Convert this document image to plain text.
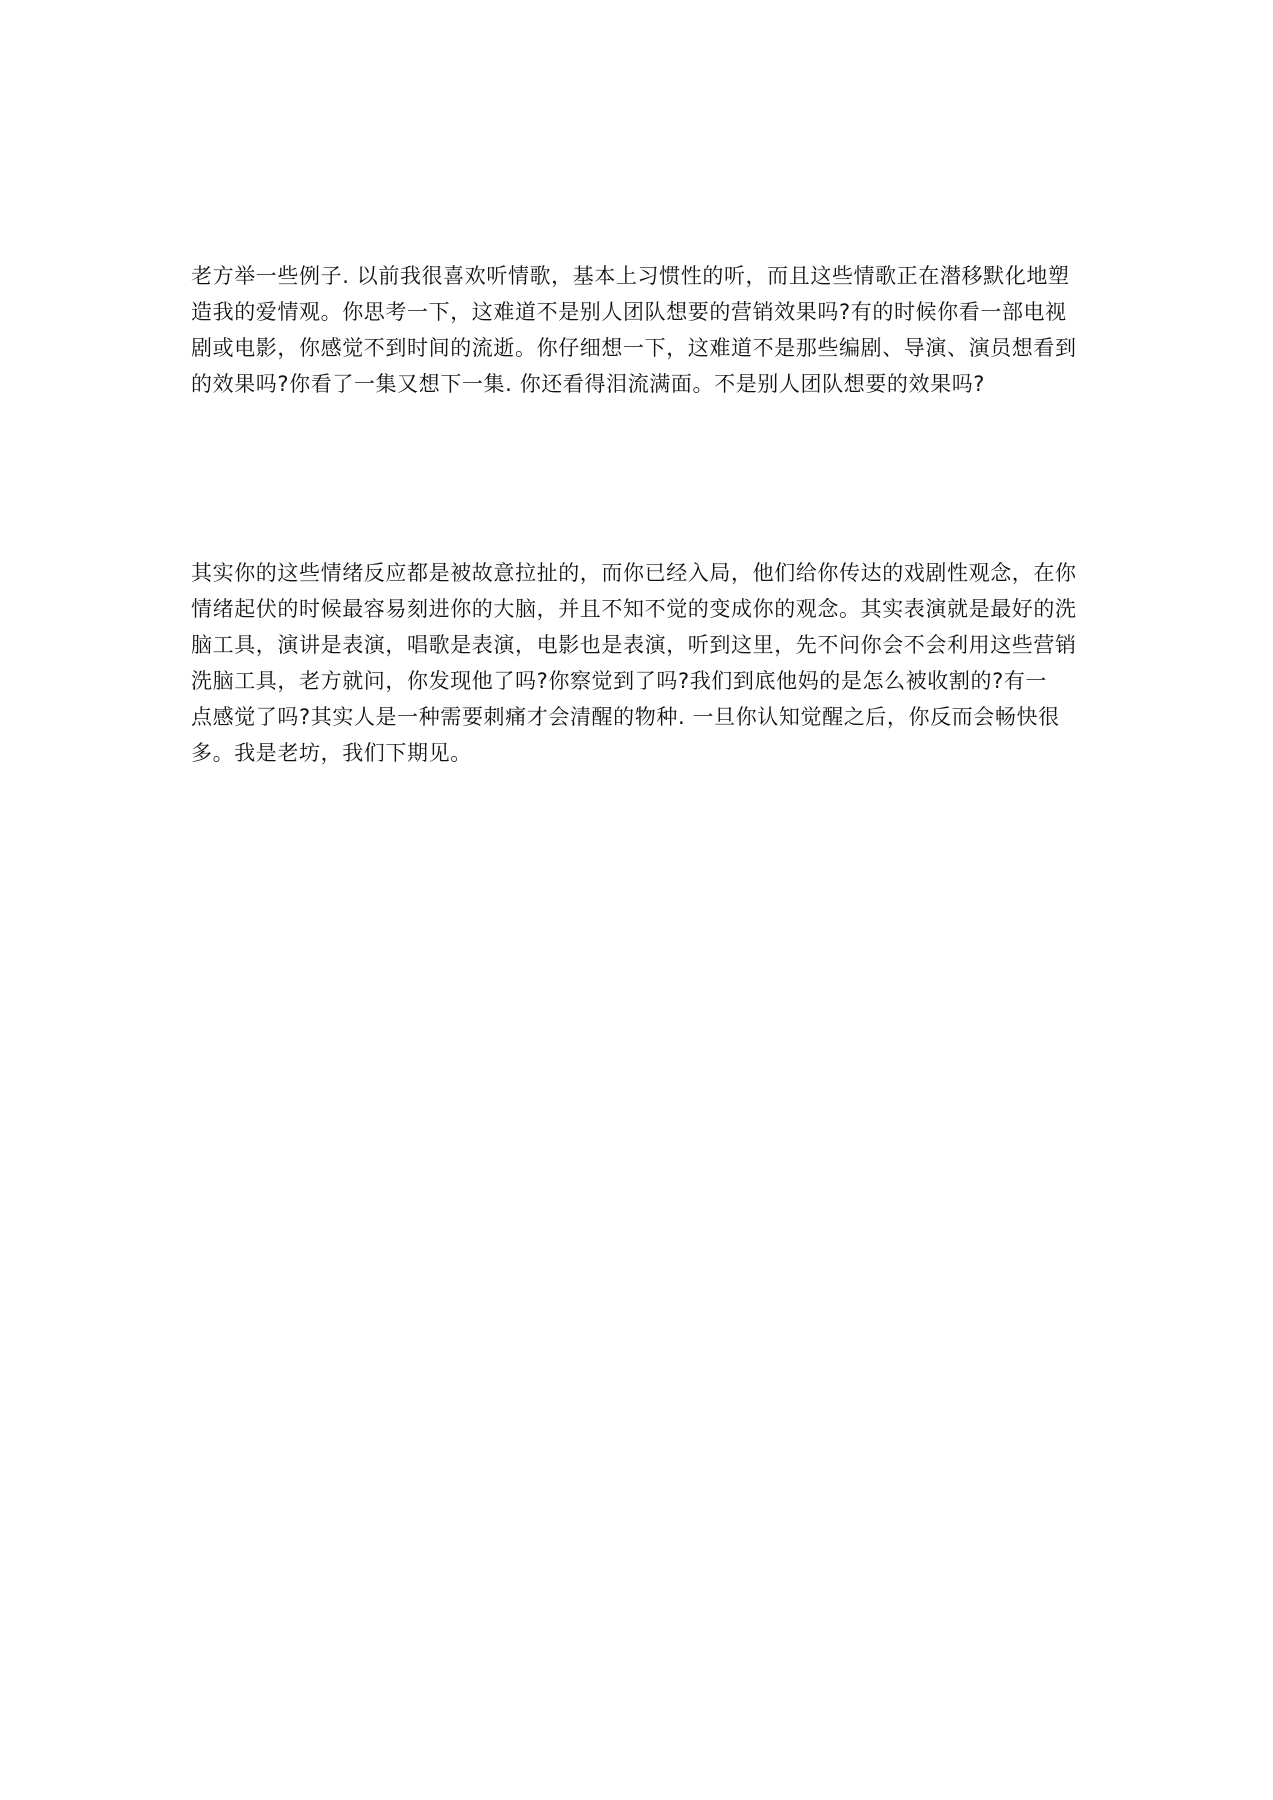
老方举一些例子. 以前我很喜欢听情歌，基本上习惯性的听，而且这些情歌正在潜移默化地塑
造我的爱情观。你思考一下，这难道不是别人团队想要的营销效果吗?有的时候你看一部电视
剧或电影，你感觉不到时间的流逝。你仔细想一下，这难道不是那些编剧、导演、演员想看到
的效果吗?你看了一集又想下一集. 你还看得泪流满面。不是别人团队想要的效果吗?
其实你的这些情绪反应都是被故意拉扯的，而你已经入局，他们给你传达的戏剧性观念，在你
情绪起伏的时候最容易刻进你的大脑，并且不知不觉的变成你的观念。其实表演就是最好的洗
脑工具，演讲是表演，唱歌是表演，电影也是表演，听到这里，先不问你会不会利用这些营销
洗脑工具，老方就问，你发现他了吗?你察觉到了吗?我们到底他妈的是怎么被收割的?有一
点感觉了吗?其实人是一种需要刺痛才会清醒的物种. 一旦你认知觉醒之后，你反而会畅快很
多。我是老坊，我们下期见。
